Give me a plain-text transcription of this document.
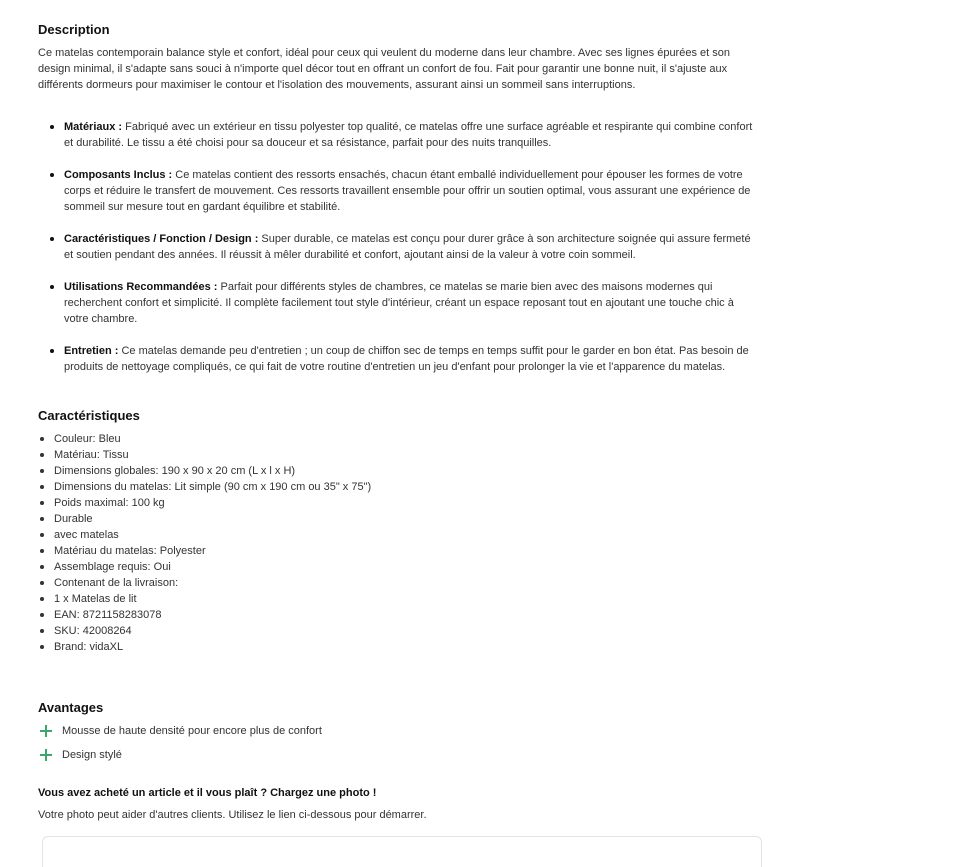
Description

Ce matelas contemporain balance style et confort, idéal pour ceux qui veulent du moderne dans leur chambre. Avec ses lignes épurées et son design minimal, il s'adapte sans souci à n'importe quel décor tout en offrant un confort de fou. Fait pour garantir une bonne nuit, il s'ajuste aux différents dormeurs pour maximiser le contour et l'isolation des mouvements, assurant ainsi un sommeil sans interruptions.

Matériaux : Fabriqué avec un extérieur en tissu polyester top qualité, ce matelas offre une surface agréable et respirante qui combine confort et durabilité. Le tissu a été choisi pour sa douceur et sa résistance, parfait pour des nuits tranquilles.
Composants Inclus : Ce matelas contient des ressorts ensachés, chacun étant emballé individuellement pour épouser les formes de votre corps et réduire le transfert de mouvement. Ces ressorts travaillent ensemble pour offrir un soutien optimal, vous assurant une expérience de sommeil sur mesure tout en gardant équilibre et stabilité.
Caractéristiques / Fonction / Design : Super durable, ce matelas est conçu pour durer grâce à son architecture soignée qui assure fermeté et soutien pendant des années. Il réussit à mêler durabilité et confort, ajoutant ainsi de la valeur à votre coin sommeil.
Utilisations Recommandées : Parfait pour différents styles de chambres, ce matelas se marie bien avec des maisons modernes qui recherchent confort et simplicité. Il complète facilement tout style d'intérieur, créant un espace reposant tout en ajoutant une touche chic à votre chambre.
Entretien : Ce matelas demande peu d'entretien ; un coup de chiffon sec de temps en temps suffit pour le garder en bon état. Pas besoin de produits de nettoyage compliqués, ce qui fait de votre routine d'entretien un jeu d'enfant pour prolonger la vie et l'apparence du matelas.
Caractéristiques
Couleur: Bleu
Matériau: Tissu
Dimensions globales: 190 x 90 x 20 cm (L x l x H)
Dimensions du matelas: Lit simple (90 cm x 190 cm ou 35" x 75")
Poids maximal: 100 kg
Durable
avec matelas
Matériau du matelas: Polyester
Assemblage requis: Oui
Contenant de la livraison:
1 x Matelas de lit
EAN: 8721158283078
SKU: 42008264
Brand: vidaXL
Avantages
Mousse de haute densité pour encore plus de confort
Design stylé

Vous avez acheté un article et il vous plaît ? Chargez une photo !

Votre photo peut aider d'autres clients. Utilisez le lien ci-dessous pour démarrer.
